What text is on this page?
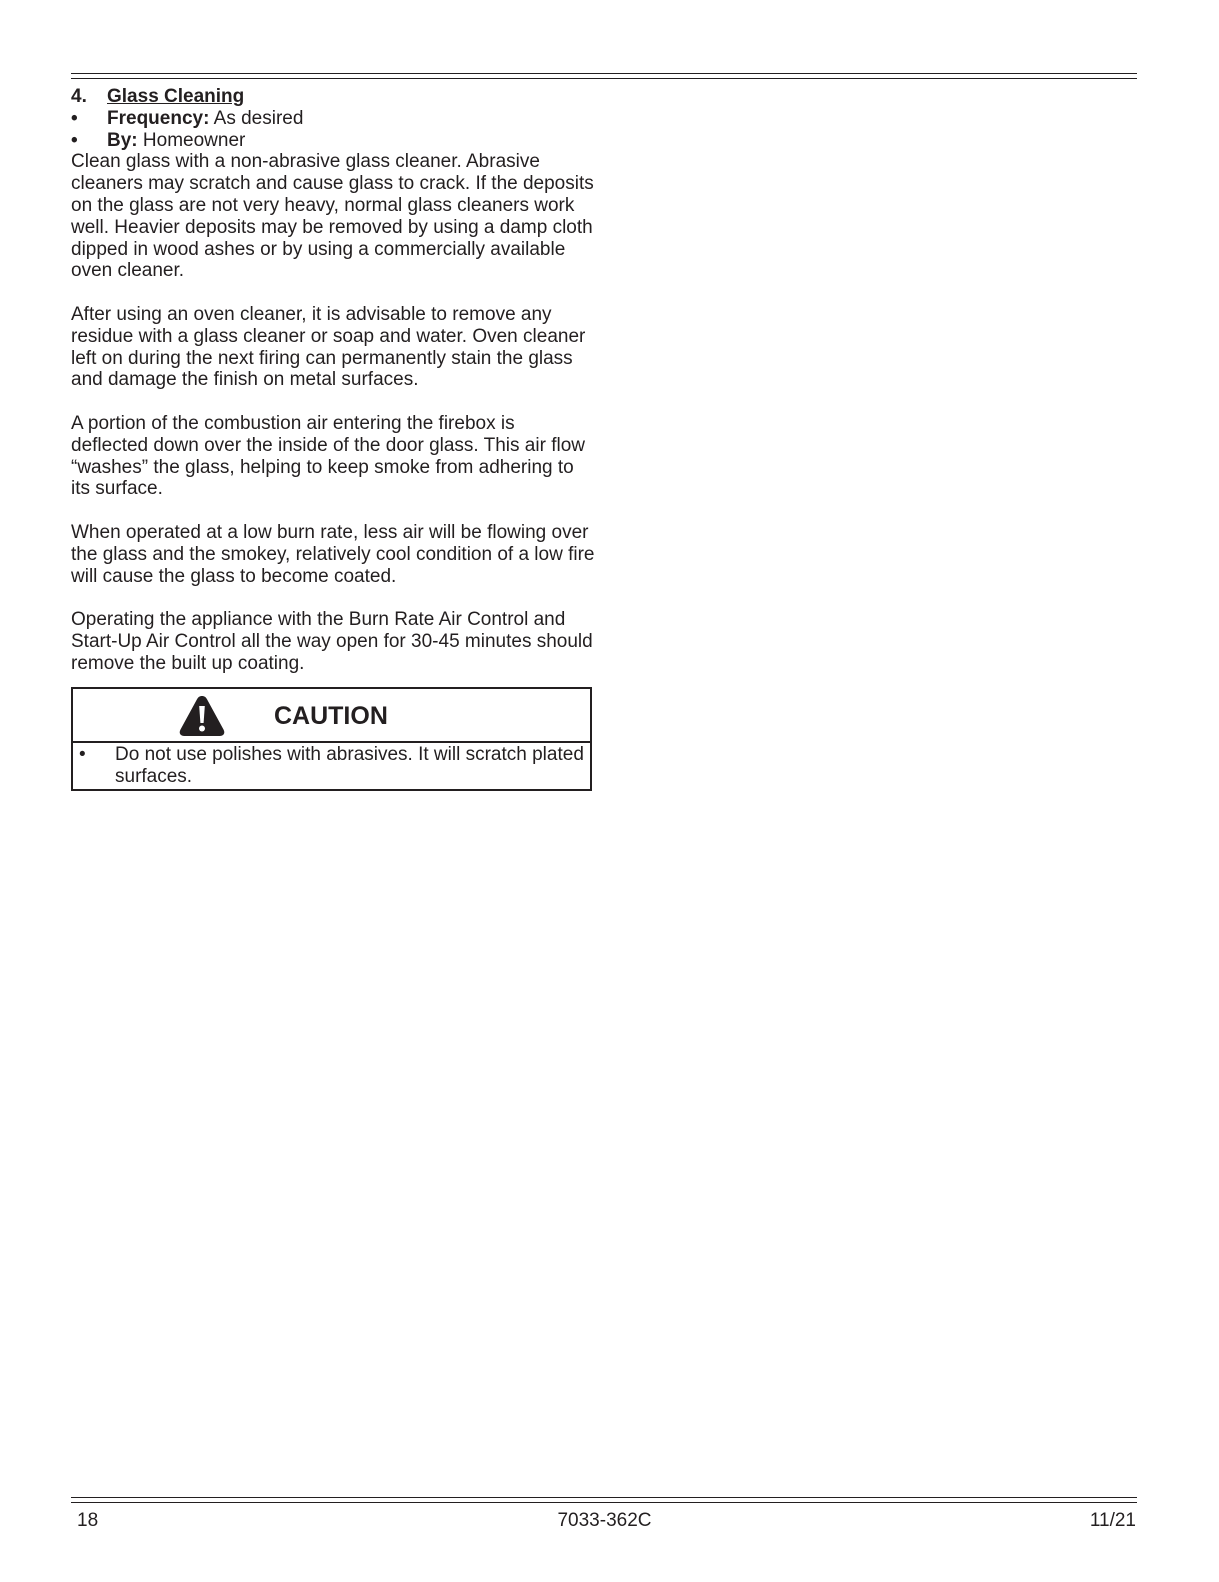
4.	Glass Cleaning
•	Frequency: As desired
•	By: Homeowner

Clean glass with a non-abrasive glass cleaner. Abrasive cleaners may scratch and cause glass to crack. If the deposits on the glass are not very heavy, normal glass cleaners work well. Heavier deposits may be removed by using a damp cloth dipped in wood ashes or by using a commercially available oven cleaner.

After using an oven cleaner, it is advisable to remove any residue with a glass cleaner or soap and water. Oven cleaner left on during the next firing can permanently stain the glass and damage the finish on metal surfaces.

A portion of the combustion air entering the firebox is deflected down over the inside of the door glass. This air flow “washes” the glass, helping to keep smoke from adhering to its surface.

When operated at a low burn rate, less air will be flowing over the glass and the smokey, relatively cool condition of a low fire will cause the glass to become coated.

Operating the appliance with the Burn Rate Air Control and Start-Up Air Control all the way open for 30-45 minutes should remove the built up coating.

CAUTION
•	Do not use polishes with abrasives. It will scratch plated surfaces.
18	7033-362C	11/21
